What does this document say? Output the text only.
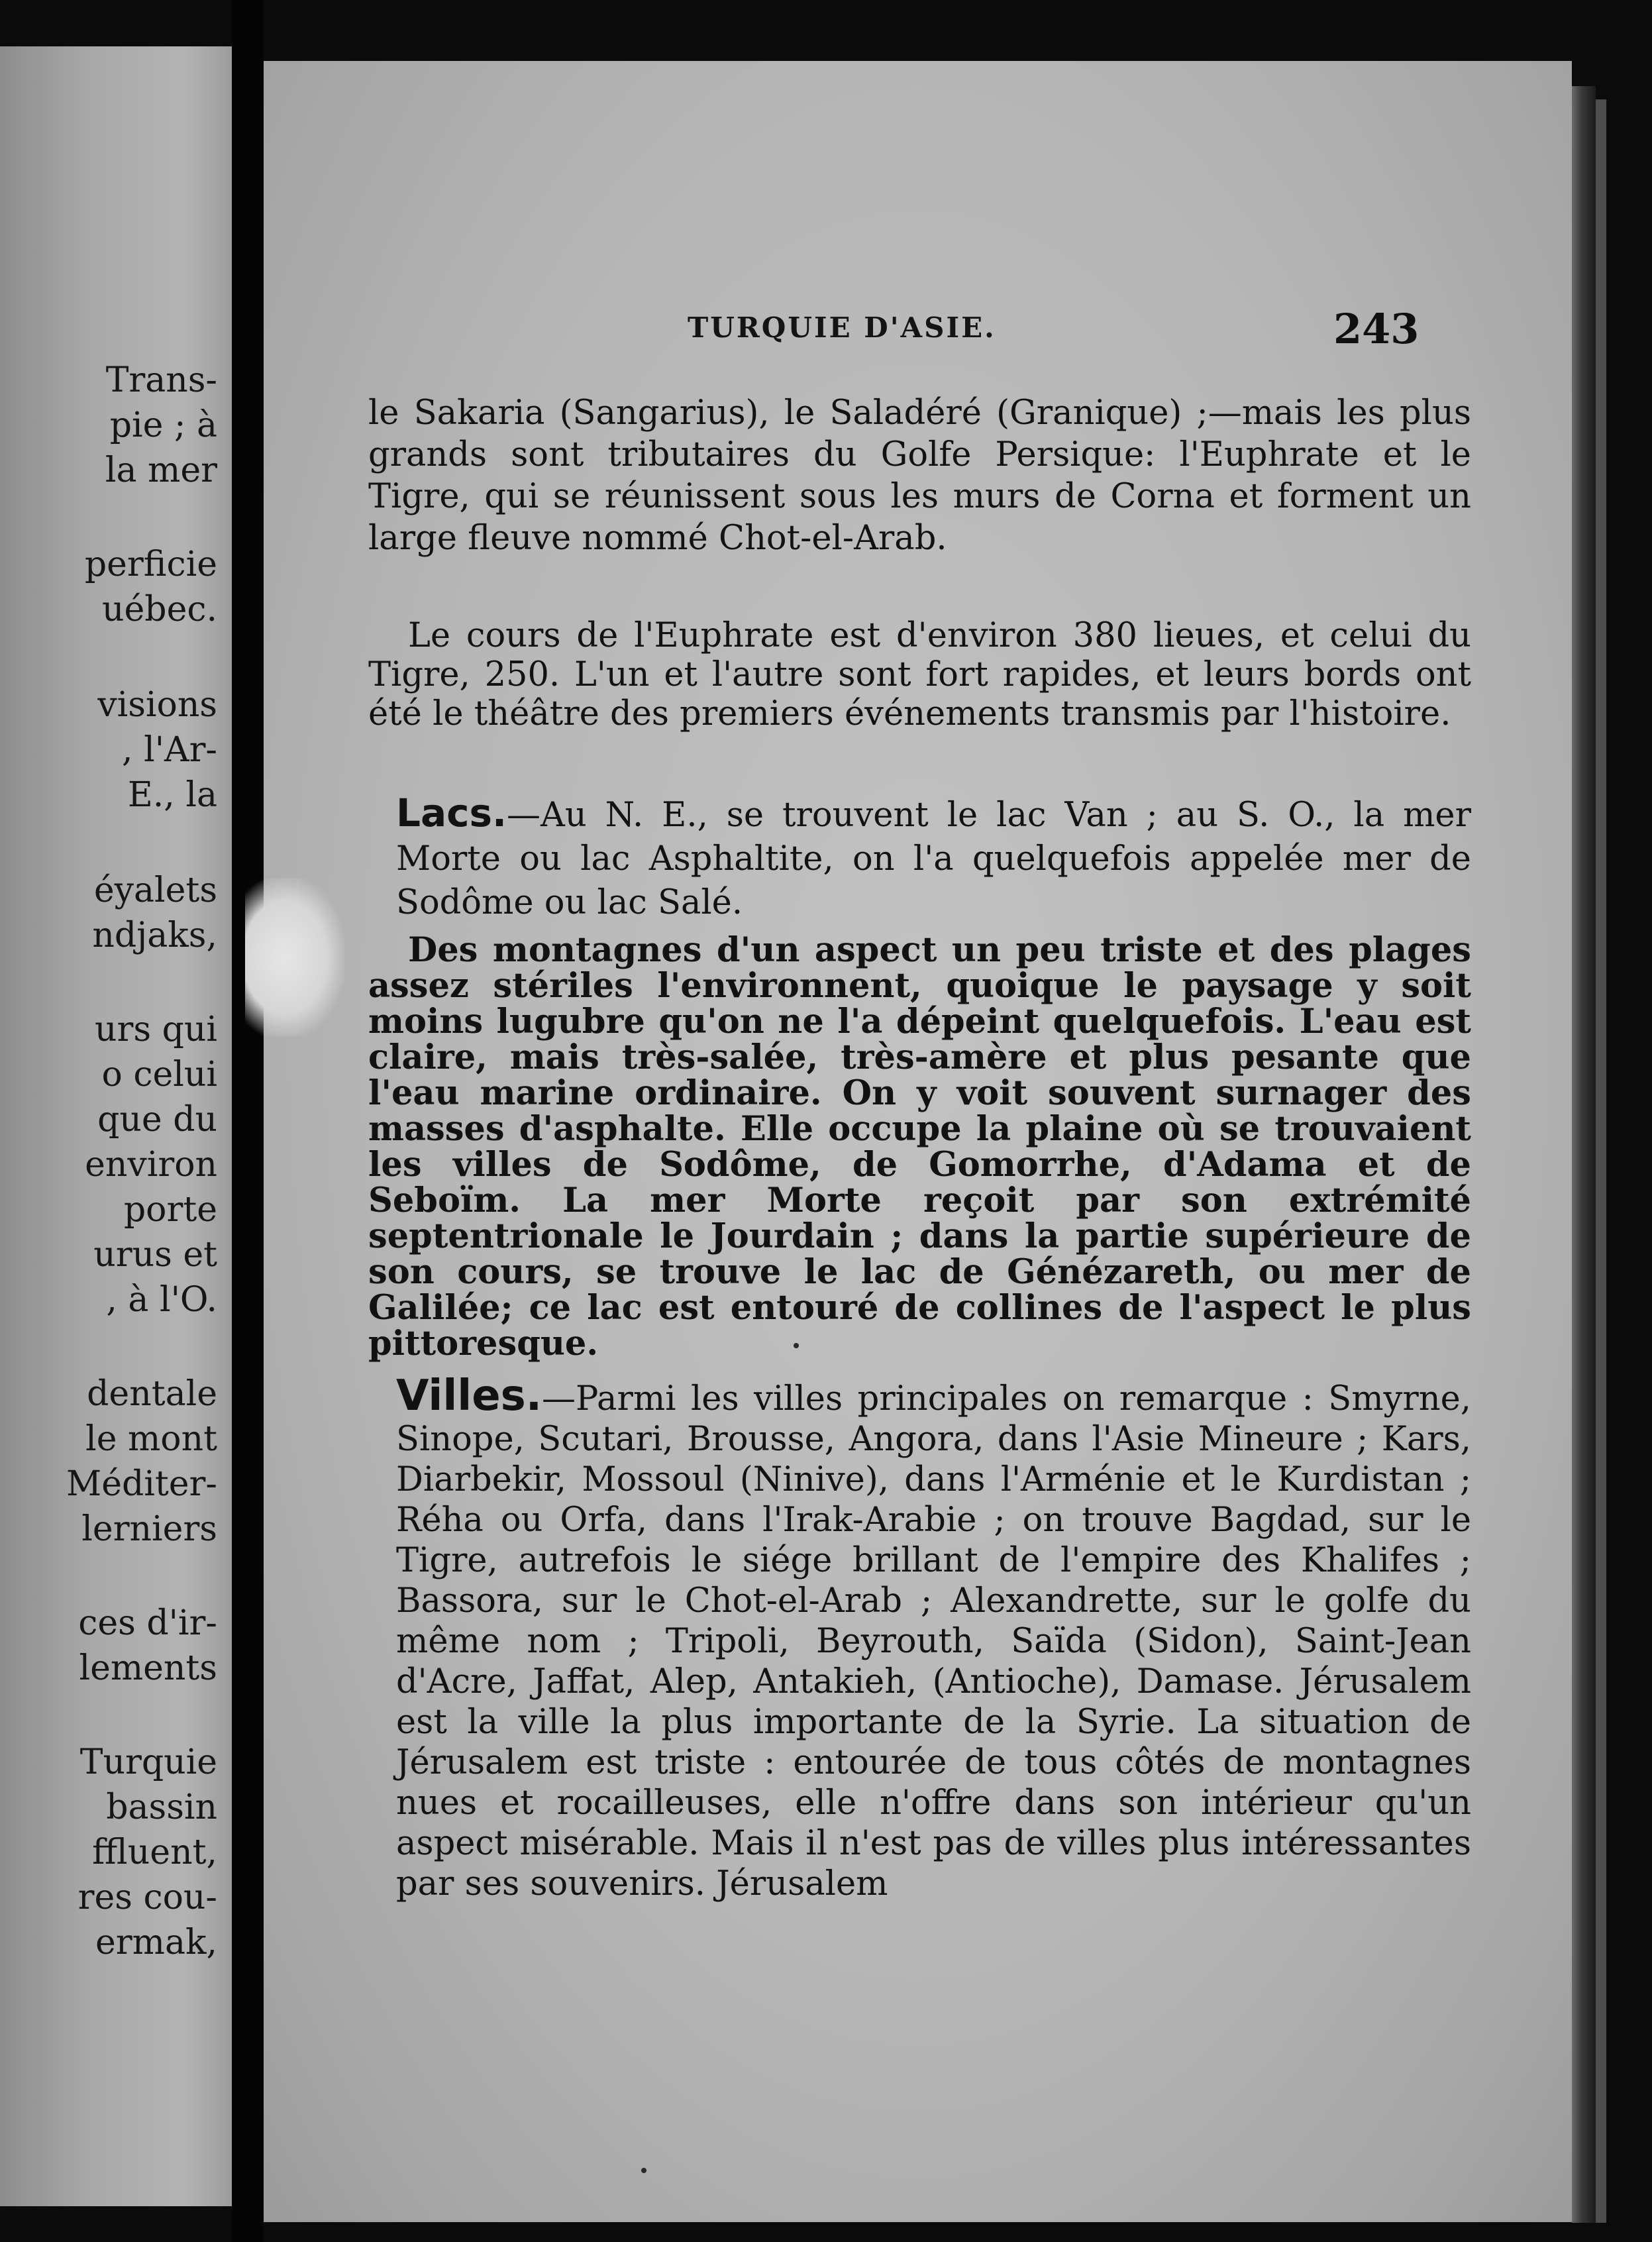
Trans-
pie ; à
la mer
perficie
uébec.
visions
, l'Ar-
E., la
éyalets
ndjaks,
urs qui
o celui
que du
environ
porte
urus et
, à l'O.
dentale
le mont
Méditer-
lerniers
ces d'ir-
lements
Turquie
bassin
ffluent,
res cou-
ermak,
TURQUIE D'ASIE.	243

le Sakaria (Sangarius), le Saladéré (Granique) ;—mais les plus grands sont tributaires du Golfe Persique: l'Euphrate et le Tigre, qui se réunissent sous les murs de Corna et forment un large fleuve nommé Chot-el-Arab.

Le cours de l'Euphrate est d'environ 380 lieues, et celui du Tigre, 250. L'un et l'autre sont fort rapides, et leurs bords ont été le théâtre des premiers événements transmis par l'histoire.

Lacs.—Au N. E., se trouvent le lac Van ; au S. O., la mer Morte ou lac Asphaltite, on l'a quelquefois appelée mer de Sodôme ou lac Salé.

Des montagnes d'un aspect un peu triste et des plages assez stériles l'environnent, quoique le paysage y soit moins lugubre qu'on ne l'a dépeint quelquefois. L'eau est claire, mais très-salée, très-amère et plus pesante que l'eau marine ordinaire. On y voit souvent surnager des masses d'asphalte. Elle occupe la plaine où se trouvaient les villes de Sodôme, de Gomorrhe, d'Adama et de Seboïm. La mer Morte reçoit par son extrémité septentrionale le Jourdain ; dans la partie supérieure de son cours, se trouve le lac de Génézareth, ou mer de Galilée; ce lac est entouré de collines de l'aspect le plus pittoresque.

Villes.—Parmi les villes principales on remarque : Smyrne, Sinope, Scutari, Brousse, Angora, dans l'Asie Mineure ; Kars, Diarbekir, Mossoul (Ninive), dans l'Arménie et le Kurdistan ; Réha ou Orfa, dans l'Irak-Arabie ; on trouve Bagdad, sur le Tigre, autrefois le siége brillant de l'empire des Khalifes ; Bassora, sur le Chot-el-Arab ; Alexandrette, sur le golfe du même nom ; Tripoli, Beyrouth, Saïda (Sidon), Saint-Jean d'Acre, Jaffat, Alep, Antakieh, (Antioche), Damase. Jérusalem est la ville la plus importante de la Syrie. La situation de Jérusalem est triste : entourée de tous côtés de montagnes nues et rocailleuses, elle n'offre dans son intérieur qu'un aspect misérable. Mais il n'est pas de villes plus intéressantes par ses souvenirs. Jérusalem
